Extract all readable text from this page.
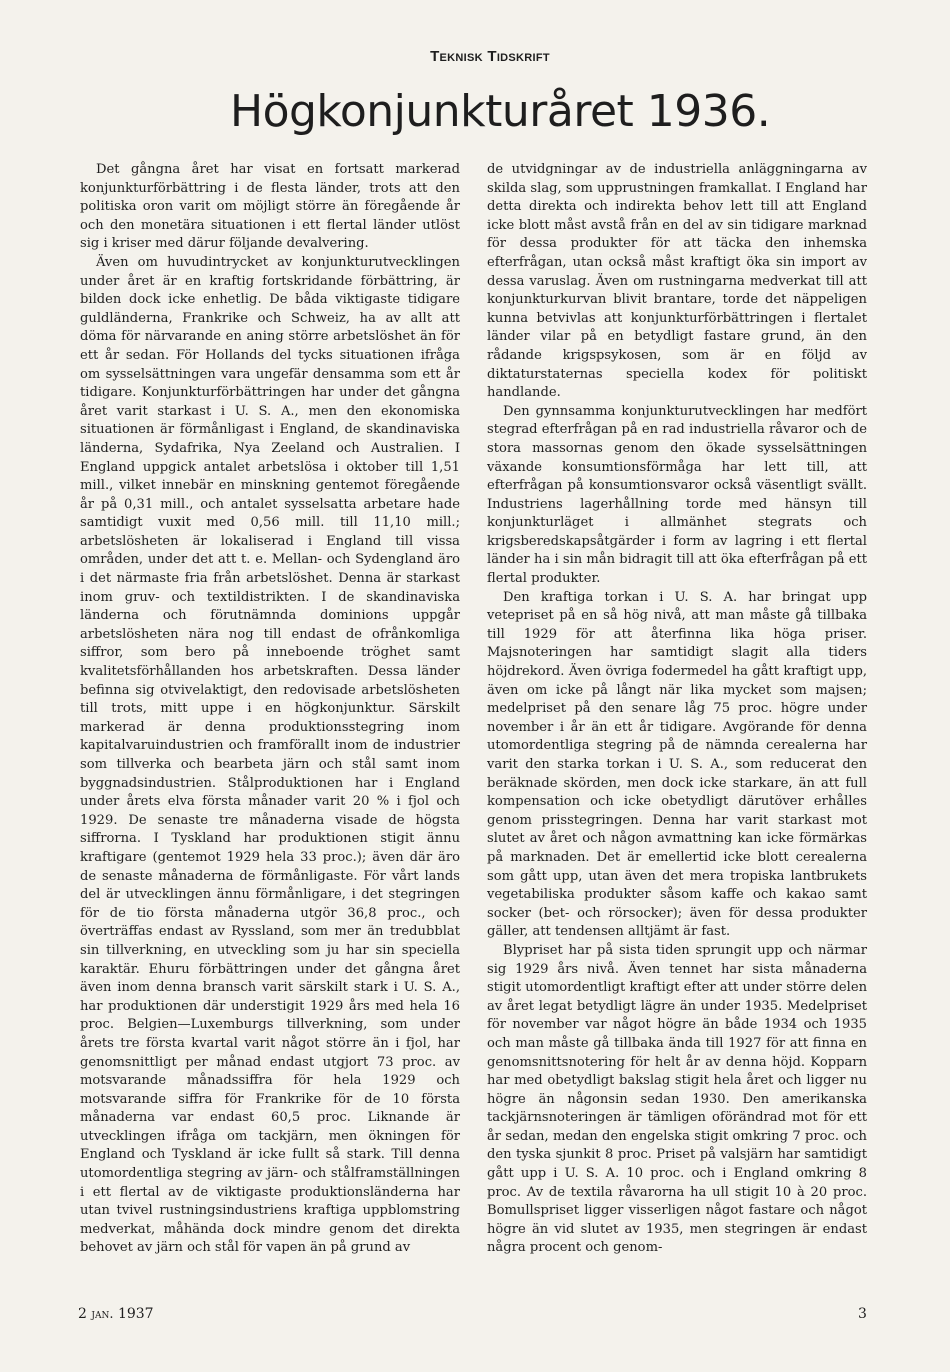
Teknisk Tidskrift
Högkonjunkturåret 1936.

Det gångna året har visat en fortsatt markerad konjunkturförbättring i de flesta länder, trots att den politiska oron varit om möjligt större än föregående år och den monetära situationen i ett flertal länder utlöst sig i kriser med därur följande devalvering.

Även om huvudintrycket av konjunkturutvecklingen under året är en kraftig fortskridande förbättring, är bilden dock icke enhetlig. De båda viktigaste tidigare guldländerna, Frankrike och Schweiz, ha av allt att döma för närvarande en aning större arbetslöshet än för ett år sedan. För Hollands del tycks situationen ifråga om sysselsättningen vara ungefär densamma som ett år tidigare. Konjunkturförbättringen har under det gångna året varit starkast i U. S. A., men den ekonomiska situationen är förmånligast i England, de skandinaviska länderna, Sydafrika, Nya Zeeland och Australien. I England uppgick antalet arbetslösa i oktober till 1,51 mill., vilket innebär en minskning gentemot föregående år på 0,31 mill., och antalet sysselsatta arbetare hade samtidigt vuxit med 0,56 mill. till 11,10 mill.; arbetslösheten är lokaliserad i England till vissa områden, under det att t. e. Mellan- och Sydengland äro i det närmaste fria från arbetslöshet. Denna är starkast inom gruv- och textildistrikten. I de skandinaviska länderna och förutnämnda dominions uppgår arbetslösheten nära nog till endast de ofrånkomliga siffror, som bero på inneboende tröghet samt kvalitetsförhållanden hos arbetskraften. Dessa länder befinna sig otvivelaktigt, den redovisade arbetslösheten till trots, mitt uppe i en högkonjunktur. Särskilt markerad är denna produktionsstegring inom kapitalvaruindustrien och framförallt inom de industrier som tillverka och bearbeta järn och stål samt inom byggnadsindustrien. Stålproduktionen har i England under årets elva första månader varit 20 % i fjol och 1929. De senaste tre månaderna visade de högsta siffrorna. I Tyskland har produktionen stigit ännu kraftigare (gentemot 1929 hela 33 proc.); även där äro de senaste månaderna de förmånligaste. För vårt lands del är utvecklingen ännu förmånligare, i det stegringen för de tio första månaderna utgör 36,8 proc., och överträffas endast av Ryssland, som mer än tredubblat sin tillverkning, en utveckling som ju har sin speciella karaktär. Ehuru förbättringen under det gångna året även inom denna bransch varit särskilt stark i U. S. A., har produktionen där understigit 1929 års med hela 16 proc. Belgien—Luxemburgs tillverkning, som under årets tre första kvartal varit något större än i fjol, har genomsnittligt per månad endast utgjort 73 proc. av motsvarande månadssiffra för hela 1929 och motsvarande siffra för Frankrike för de 10 första månaderna var endast 60,5 proc. Liknande är utvecklingen ifråga om tackjärn, men ökningen för England och Tyskland är icke fullt så stark. Till denna utomordentliga stegring av järn- och stålframställningen i ett flertal av de viktigaste produktionsländerna har utan tvivel rustningsindustriens kraftiga uppblomstring medverkat, måhända dock mindre genom det direkta behovet av järn och stål för vapen än på grund av

de utvidgningar av de industriella anläggningarna av skilda slag, som upprustningen framkallat. I England har detta direkta och indirekta behov lett till att England icke blott måst avstå från en del av sin tidigare marknad för dessa produkter för att täcka den inhemska efterfrågan, utan också måst kraftigt öka sin import av dessa varuslag. Även om rustningarna medverkat till att konjunkturkurvan blivit brantare, torde det näppeligen kunna betvivlas att konjunkturförbättringen i flertalet länder vilar på en betydligt fastare grund, än den rådande krigspsykosen, som är en följd av diktaturstaternas speciella kodex för politiskt handlande.

Den gynnsamma konjunkturutvecklingen har medfört stegrad efterfrågan på en rad industriella råvaror och de stora massornas genom den ökade sysselsättningen växande konsumtionsförmåga har lett till, att efterfrågan på konsumtionsvaror också väsentligt svällt. Industriens lagerhållning torde med hänsyn till konjunkturläget i allmänhet stegrats och krigsberedskapsåtgärder i form av lagring i ett flertal länder ha i sin mån bidragit till att öka efterfrågan på ett flertal produkter.

Den kraftiga torkan i U. S. A. har bringat upp vetepriset på en så hög nivå, att man måste gå tillbaka till 1929 för att återfinna lika höga priser. Majsnoteringen har samtidigt slagit alla tiders höjdrekord. Även övriga fodermedel ha gått kraftigt upp, även om icke på långt när lika mycket som majsen; medelpriset på den senare låg 75 proc. högre under november i år än ett år tidigare. Avgörande för denna utomordentliga stegring på de nämnda cerealerna har varit den starka torkan i U. S. A., som reducerat den beräknade skörden, men dock icke starkare, än att full kompensation och icke obetydligt därutöver erhålles genom prisstegringen. Denna har varit starkast mot slutet av året och någon avmattning kan icke förmärkas på marknaden. Det är emellertid icke blott cerealerna som gått upp, utan även det mera tropiska lantbrukets vegetabiliska produkter såsom kaffe och kakao samt socker (bet- och rörsocker); även för dessa produkter gäller, att tendensen alltjämt är fast.

Blypriset har på sista tiden sprungit upp och närmar sig 1929 års nivå. Även tennet har sista månaderna stigit utomordentligt kraftigt efter att under större delen av året legat betydligt lägre än under 1935. Medelpriset för november var något högre än både 1934 och 1935 och man måste gå tillbaka ända till 1927 för att finna en genomsnittsnotering för helt år av denna höjd. Kopparn har med obetydligt bakslag stigit hela året och ligger nu högre än någonsin sedan 1930. Den amerikanska tackjärnsnoteringen är tämligen oförändrad mot för ett år sedan, medan den engelska stigit omkring 7 proc. och den tyska sjunkit 8 proc. Priset på valsjärn har samtidigt gått upp i U. S. A. 10 proc. och i England omkring 8 proc. Av de textila råvarorna ha ull stigit 10 à 20 proc. Bomullspriset ligger visserligen något fastare och något högre än vid slutet av 1935, men stegringen är endast några procent och genom-

2 jan. 1937	3
